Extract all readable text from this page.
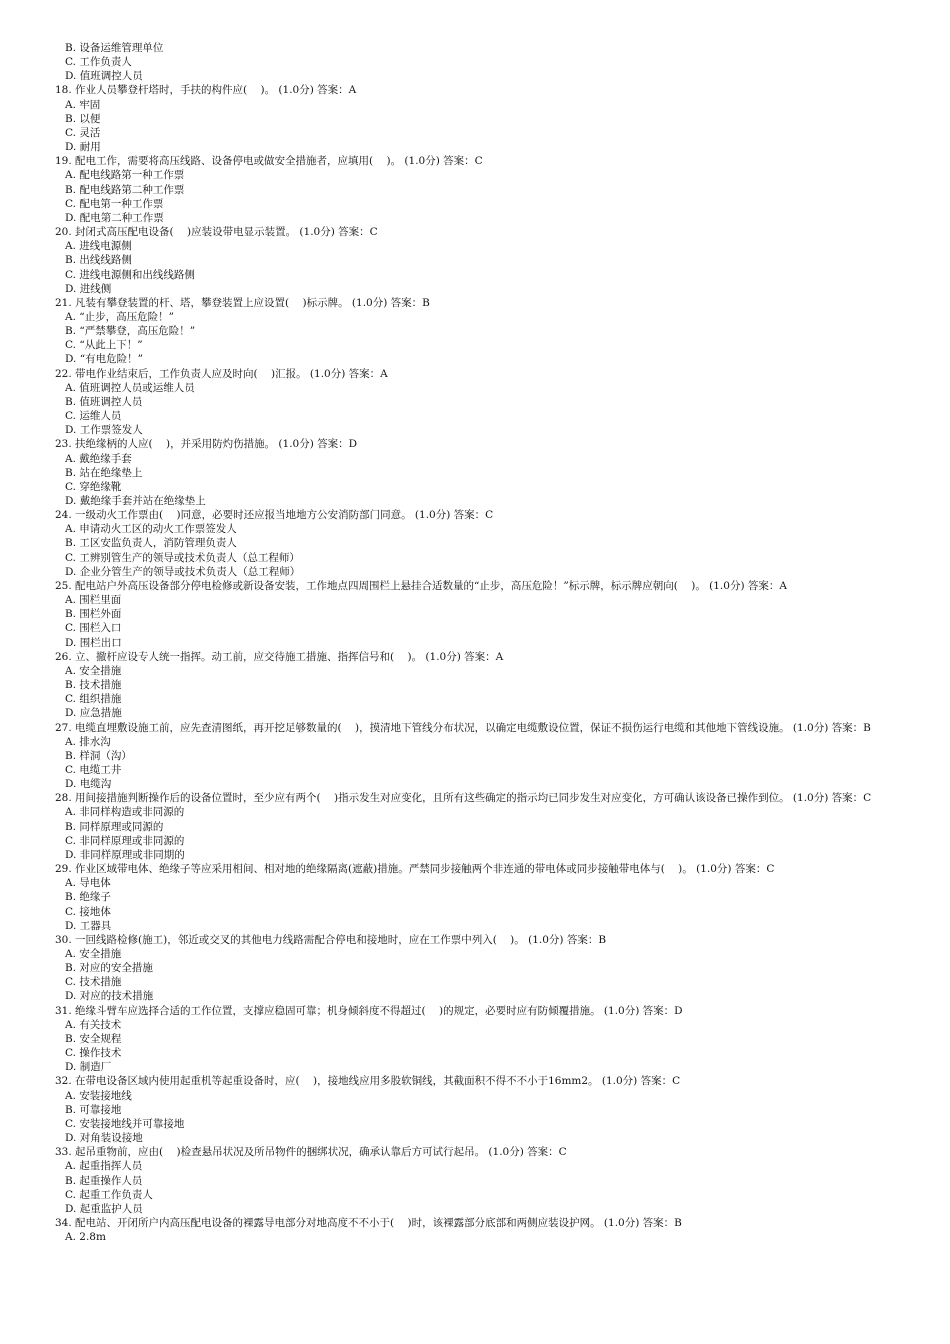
B. 设备运维管理单位
C. 工作负责人
D. 值班调控人员
18. 作业人员攀登杆塔时，手扶的构件应(    )。 (1.0分) 答案：A
A. 牢固
B. 以便
C. 灵活
D. 耐用
19. 配电工作，需要将高压线路、设备停电或做安全措施者，应填用(    )。 (1.0分) 答案：C
A. 配电线路第一种工作票
B. 配电线路第二种工作票
C. 配电第一种工作票
D. 配电第二种工作票
20. 封闭式高压配电设备(    )应装设带电显示装置。 (1.0分) 答案：C
A. 进线电源侧
B. 出线线路侧
C. 进线电源侧和出线线路侧
D. 进线侧
21. 凡装有攀登装置的杆、塔，攀登装置上应设置(    )标示牌。 (1.0分) 答案：B
A. “止步，高压危险！”
B. “严禁攀登，高压危险！”
C. “从此上下！”
D. “有电危险！”
22. 带电作业结束后，工作负责人应及时向(    )汇报。 (1.0分) 答案：A
A. 值班调控人员或运维人员
B. 值班调控人员
C. 运维人员
D. 工作票签发人
23. 扶绝缘柄的人应(    )，并采用防灼伤措施。 (1.0分) 答案：D
A. 戴绝缘手套
B. 站在绝缘垫上
C. 穿绝缘靴
D. 戴绝缘手套并站在绝缘垫上
24. 一级动火工作票由(    )同意，必要时还应报当地地方公安消防部门同意。 (1.0分) 答案：C
A. 申请动火工区的动火工作票签发人
B. 工区安监负责人，消防管理负责人
C. 工辨别管生产的领导或技术负责人（总工程师）
D. 企业分管生产的领导或技术负责人（总工程师）
25. 配电站户外高压设备部分停电检修或新设备安装，工作地点四周围栏上悬挂合适数量的“止步，高压危险！”标示牌，标示牌应朝向(    )。 (1.0分) 答案：A
A. 围栏里面
B. 围栏外面
C. 围栏入口
D. 围栏出口
26. 立、撤杆应设专人统一指挥。动工前，应交待施工措施、指挥信号和(    )。 (1.0分) 答案：A
A. 安全措施
B. 技术措施
C. 组织措施
D. 应急措施
27. 电缆直埋敷设施工前，应先查清图纸，再开挖足够数量的(    )，摸清地下管线分布状况，以确定电缆敷设位置，保证不损伤运行电缆和其他地下管线设施。 (1.0分) 答案：B
A. 排水沟
B. 样洞（沟）
C. 电缆工井
D. 电缆沟
28. 用间接措施判断操作后的设备位置时，至少应有两个(    )指示发生对应变化，且所有这些确定的指示均已同步发生对应变化，方可确认该设备已操作到位。 (1.0分) 答案：C
A. 非同样构造或非同源的
B. 同样原理或同源的
C. 非同样原理或非同源的
D. 非同样原理或非同期的
29. 作业区域带电体、绝缘子等应采用相间、相对地的绝缘隔离(遮蔽)措施。严禁同步接触两个非连通的带电体或同步接触带电体与(    )。 (1.0分) 答案：C
A. 导电体
B. 绝缘子
C. 接地体
D. 工器具
30. 一回线路检修(施工)，邻近或交叉的其他电力线路需配合停电和接地时，应在工作票中列入(    )。 (1.0分) 答案：B
A. 安全措施
B. 对应的安全措施
C. 技术措施
D. 对应的技术措施
31. 绝缘斗臂车应选择合适的工作位置，支撑应稳固可靠；机身倾斜度不得超过(    )的规定，必要时应有防倾覆措施。 (1.0分) 答案：D
A. 有关技术
B. 安全规程
C. 操作技术
D. 制造厂
32. 在带电设备区域内使用起重机等起重设备时，应(    )，接地线应用多股软铜线，其截面积不得不不小于16mm2。 (1.0分) 答案：C
A. 安装接地线
B. 可靠接地
C. 安装接地线并可靠接地
D. 对角装设接地
33. 起吊重物前，应由(    )检查悬吊状况及所吊物件的捆绑状况，确承认靠后方可试行起吊。 (1.0分) 答案：C
A. 起重指挥人员
B. 起重操作人员
C. 起重工作负责人
D. 起重监护人员
34. 配电站、开闭所户内高压配电设备的裸露导电部分对地高度不不小于(    )时，该裸露部分底部和两侧应装设护网。 (1.0分) 答案：B
A. 2.8m
